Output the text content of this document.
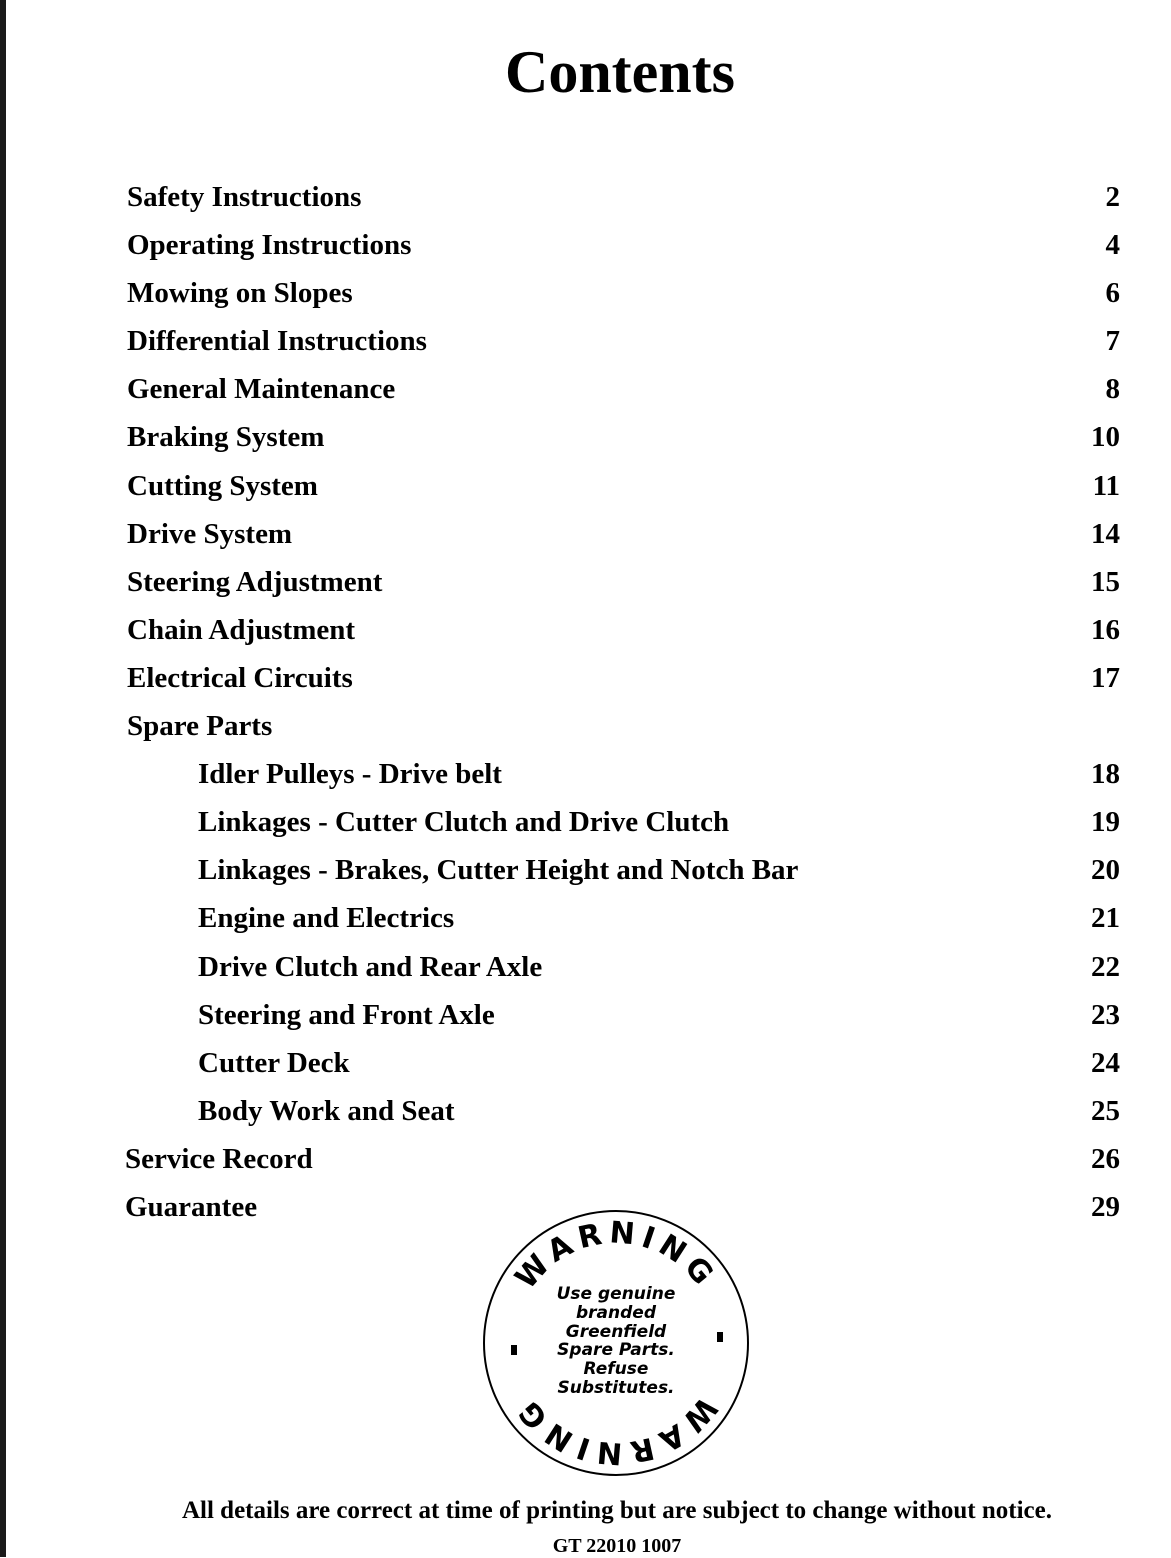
Contents
Safety Instructions	2
Operating Instructions	4
Mowing on Slopes	6
Differential Instructions	7
General Maintenance	8
Braking System	10
Cutting System	11
Drive System	14
Steering Adjustment	15
Chain Adjustment	16
Electrical Circuits	17
Spare Parts
Idler Pulleys - Drive belt	18
Linkages - Cutter Clutch and Drive Clutch	19
Linkages - Brakes, Cutter Height and Notch Bar	20
Engine and Electrics	21
Drive Clutch and Rear Axle	22
Steering and Front Axle	23
Cutter Deck	24
Body Work and Seat	25
Service Record	26
Guarantee	29
WARNING
WARNING
Use genuine
branded
Greenfield
Spare Parts.
Refuse
Substitutes.
All details are correct at time of printing but are subject to change without notice.
GT 22010 1007
